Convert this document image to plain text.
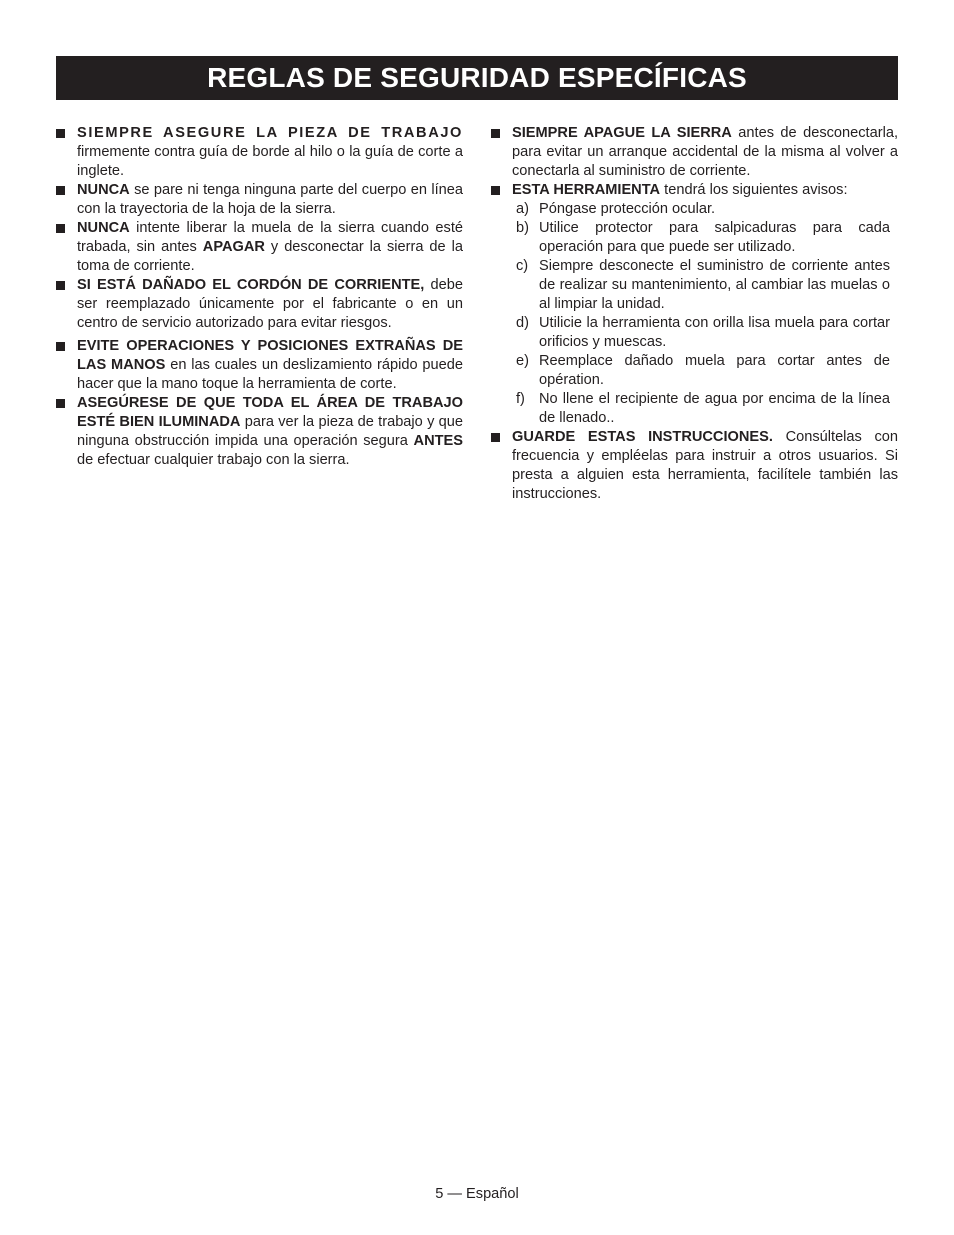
REGLAS DE SEGURIDAD ESPECÍFICAS
SIEMPRE ASEGURE LA PIEZA DE TRABAJO firmemente contra guía de borde al hilo o la guía de corte a inglete.
NUNCA se pare ni tenga ninguna parte del cuerpo en línea con la trayectoria de la hoja de la sierra.
NUNCA intente liberar la muela de la sierra cuando esté trabada, sin antes APAGAR y desconectar la sierra de la toma de corriente.
SI ESTÁ DAÑADO EL CORDÓN DE CORRIENTE, debe ser reemplazado únicamente por el fabricante o en un centro de servicio autorizado para evitar riesgos.
EVITE OPERACIONES Y POSICIONES EXTRAÑAS DE LAS MANOS en las cuales un deslizamiento rápido puede hacer que la mano toque la herramienta de corte.
ASEGÚRESE DE QUE TODA EL ÁREA DE TRABAJO ESTÉ BIEN ILUMINADA para ver la pieza de trabajo y que ninguna obstrucción impida una operación segura ANTES de efectuar cualquier trabajo con la sierra.
SIEMPRE APAGUE LA SIERRA antes de desconectarla, para evitar un arranque accidental de la misma al volver a conectarla al suministro de corriente.
ESTA HERRAMIENTA tendrá los siguientes avisos:
a) Póngase protección ocular.
b) Utilice protector para salpicaduras para cada operación para que puede ser utilizado.
c) Siempre desconecte el suministro de corriente antes de realizar su mantenimiento, al cambiar las muelas o al limpiar la unidad.
d) Utilicie la herramienta con orilla lisa muela para cortar orificios y muescas.
e) Reemplace dañado muela para cortar antes de opération.
f) No llene el recipiente de agua por encima de la línea de llenado..
GUARDE ESTAS INSTRUCCIONES. Consúltelas con frecuencia y empléelas para instruir a otros usuarios. Si presta a alguien esta herramienta, facilítele también las instrucciones.
5 — Español
